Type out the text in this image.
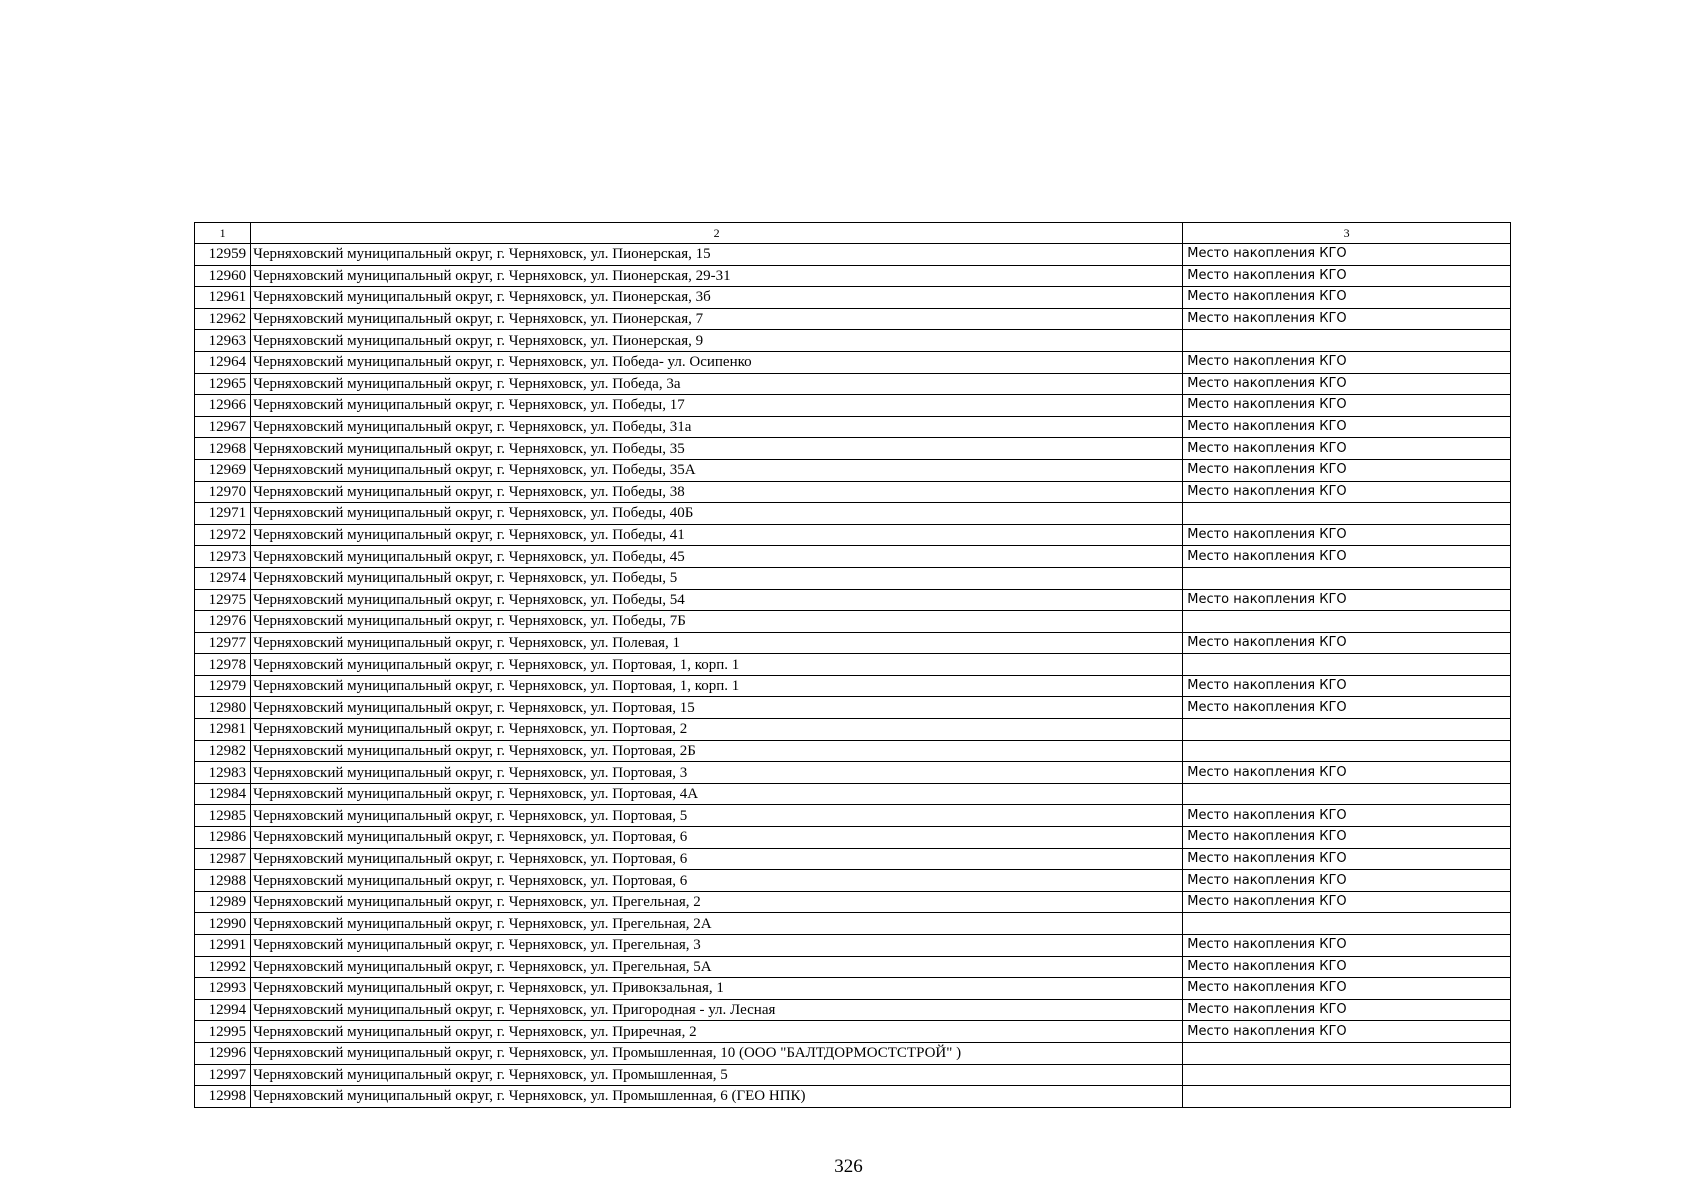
1	2	3
12959	Черняховский муниципальный округ, г. Черняховск, ул. Пионерская, 15	Место накопления КГО
12960	Черняховский муниципальный округ, г. Черняховск, ул. Пионерская, 29-31	Место накопления КГО
12961	Черняховский муниципальный округ, г. Черняховск, ул. Пионерская, 3б	Место накопления КГО
12962	Черняховский муниципальный округ, г. Черняховск, ул. Пионерская, 7	Место накопления КГО
12963	Черняховский муниципальный округ, г. Черняховск, ул. Пионерская, 9	
12964	Черняховский муниципальный округ, г. Черняховск, ул. Победа- ул. Осипенко	Место накопления КГО
12965	Черняховский муниципальный округ, г. Черняховск, ул. Победа, 3а	Место накопления КГО
12966	Черняховский муниципальный округ, г. Черняховск, ул. Победы, 17	Место накопления КГО
12967	Черняховский муниципальный округ, г. Черняховск, ул. Победы, 31а	Место накопления КГО
12968	Черняховский муниципальный округ, г. Черняховск, ул. Победы, 35	Место накопления КГО
12969	Черняховский муниципальный округ, г. Черняховск, ул. Победы, 35А	Место накопления КГО
12970	Черняховский муниципальный округ, г. Черняховск, ул. Победы, 38	Место накопления КГО
12971	Черняховский муниципальный округ, г. Черняховск, ул. Победы, 40Б	
12972	Черняховский муниципальный округ, г. Черняховск, ул. Победы, 41	Место накопления КГО
12973	Черняховский муниципальный округ, г. Черняховск, ул. Победы, 45	Место накопления КГО
12974	Черняховский муниципальный округ, г. Черняховск, ул. Победы, 5	
12975	Черняховский муниципальный округ, г. Черняховск, ул. Победы, 54	Место накопления КГО
12976	Черняховский муниципальный округ, г. Черняховск, ул. Победы, 7Б	
12977	Черняховский муниципальный округ, г. Черняховск, ул. Полевая, 1	Место накопления КГО
12978	Черняховский муниципальный округ, г. Черняховск, ул. Портовая, 1, корп. 1	
12979	Черняховский муниципальный округ, г. Черняховск, ул. Портовая, 1, корп. 1	Место накопления КГО
12980	Черняховский муниципальный округ, г. Черняховск, ул. Портовая, 15	Место накопления КГО
12981	Черняховский муниципальный округ, г. Черняховск, ул. Портовая, 2	
12982	Черняховский муниципальный округ, г. Черняховск, ул. Портовая, 2Б	
12983	Черняховский муниципальный округ, г. Черняховск, ул. Портовая, 3	Место накопления КГО
12984	Черняховский муниципальный округ, г. Черняховск, ул. Портовая, 4А	
12985	Черняховский муниципальный округ, г. Черняховск, ул. Портовая, 5	Место накопления КГО
12986	Черняховский муниципальный округ, г. Черняховск, ул. Портовая, 6	Место накопления КГО
12987	Черняховский муниципальный округ, г. Черняховск, ул. Портовая, 6	Место накопления КГО
12988	Черняховский муниципальный округ, г. Черняховск, ул. Портовая, 6	Место накопления КГО
12989	Черняховский муниципальный округ, г. Черняховск, ул. Прегельная, 2	Место накопления КГО
12990	Черняховский муниципальный округ, г. Черняховск, ул. Прегельная, 2А	
12991	Черняховский муниципальный округ, г. Черняховск, ул. Прегельная, 3	Место накопления КГО
12992	Черняховский муниципальный округ, г. Черняховск, ул. Прегельная, 5А	Место накопления КГО
12993	Черняховский муниципальный округ, г. Черняховск, ул. Привокзальная, 1	Место накопления КГО
12994	Черняховский муниципальный округ, г. Черняховск, ул. Пригородная - ул. Лесная	Место накопления КГО
12995	Черняховский муниципальный округ, г. Черняховск, ул. Приречная, 2	Место накопления КГО
12996	Черняховский муниципальный округ, г. Черняховск, ул. Промышленная, 10 (ООО "БАЛТДОРМОСТСТРОЙ" )	
12997	Черняховский муниципальный округ, г. Черняховск, ул. Промышленная, 5	
12998	Черняховский муниципальный округ, г. Черняховск, ул. Промышленная, 6 (ГЕО НПК)	
326
